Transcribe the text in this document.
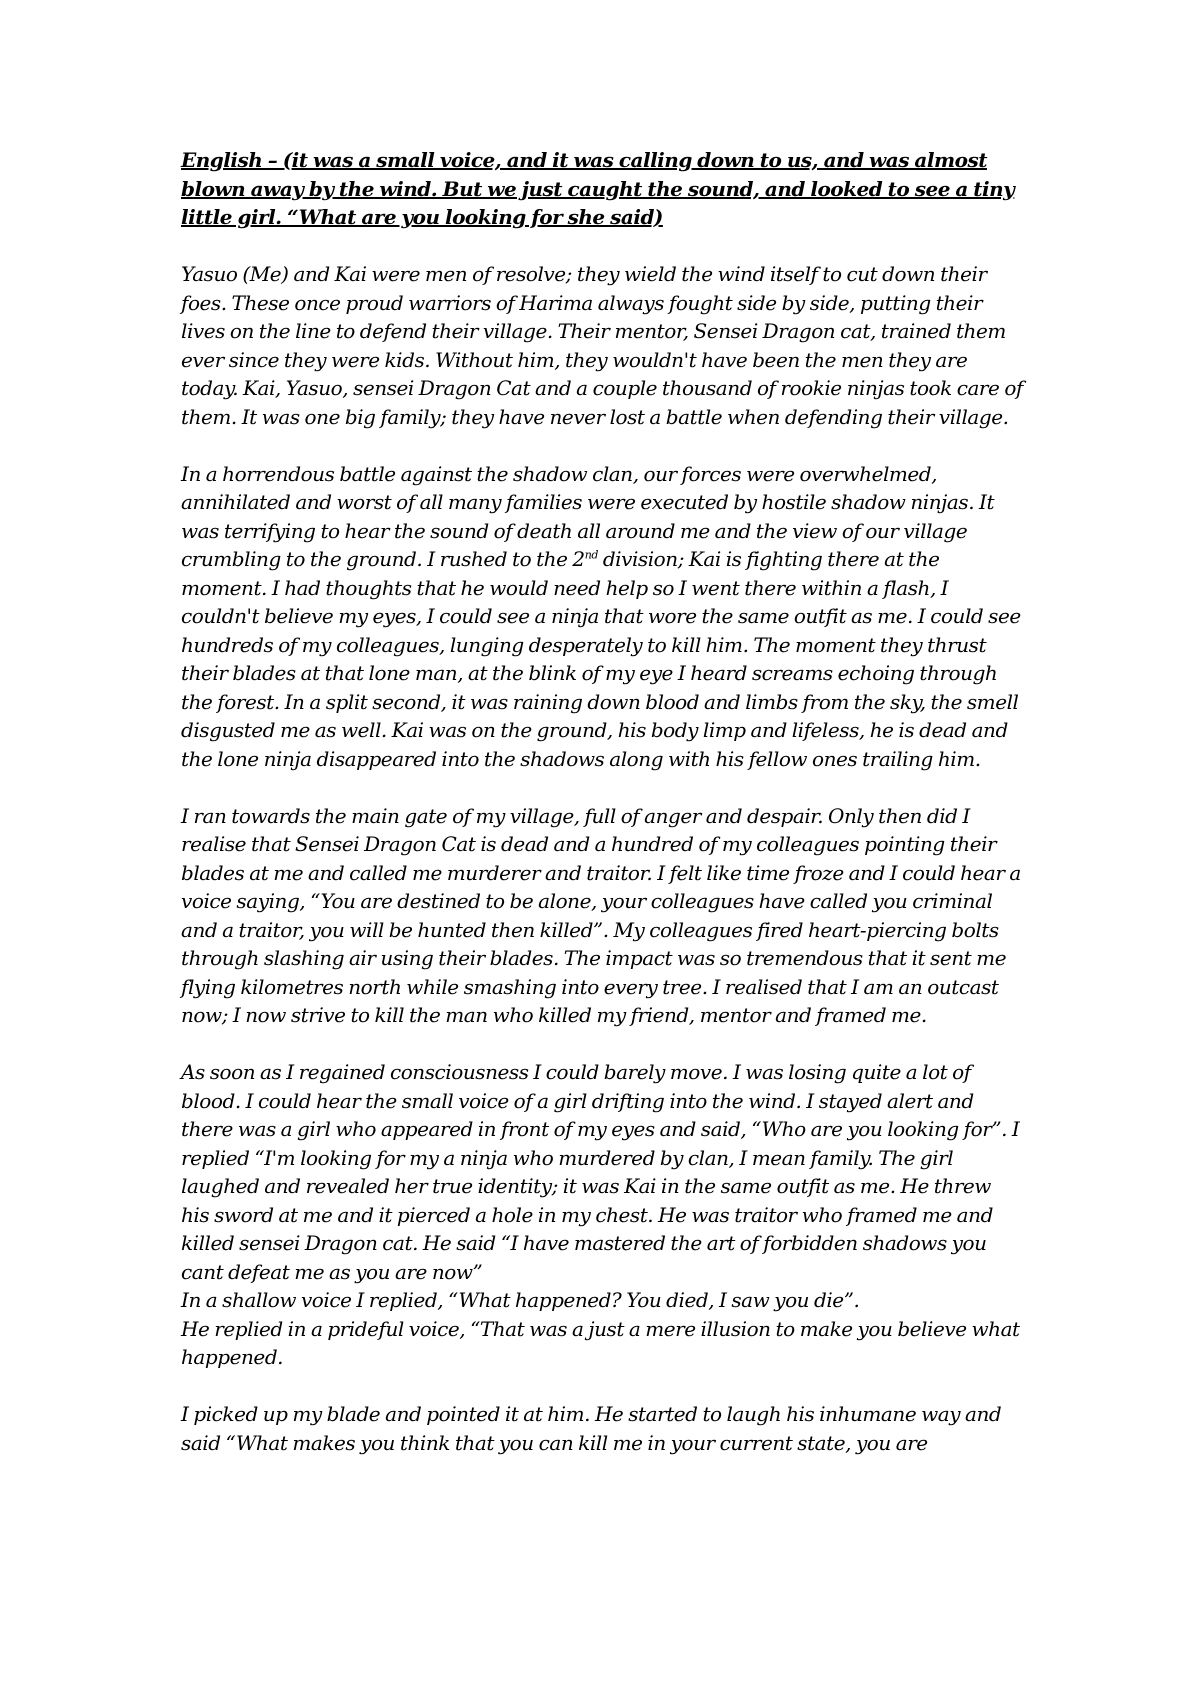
English – (it was a small voice, and it was calling down to us, and was almost blown away by the wind. But we just caught the sound, and looked to see a tiny little girl. “What are you looking for she said)

Yasuo (Me) and Kai were men of resolve; they wield the wind itself to cut down their foes. These once proud warriors of Harima always fought side by side, putting their lives on the line to defend their village. Their mentor, Sensei Dragon cat, trained them ever since they were kids. Without him, they wouldn't have been the men they are today. Kai, Yasuo, sensei Dragon Cat and a couple thousand of rookie ninjas took care of them. It was one big family; they have never lost a battle when defending their village.

In a horrendous battle against the shadow clan, our forces were overwhelmed, annihilated and worst of all many families were executed by hostile shadow ninjas. It was terrifying to hear the sound of death all around me and the view of our village crumbling to the ground. I rushed to the 2nd division; Kai is fighting there at the moment. I had thoughts that he would need help so I went there within a flash, I couldn't believe my eyes, I could see a ninja that wore the same outfit as me. I could see hundreds of my colleagues, lunging desperately to kill him. The moment they thrust their blades at that lone man, at the blink of my eye I heard screams echoing through the forest. In a split second, it was raining down blood and limbs from the sky, the smell disgusted me as well. Kai was on the ground, his body limp and lifeless, he is dead and the lone ninja disappeared into the shadows along with his fellow ones trailing him.

I ran towards the main gate of my village, full of anger and despair. Only then did I realise that Sensei Dragon Cat is dead and a hundred of my colleagues pointing their blades at me and called me murderer and traitor. I felt like time froze and I could hear a voice saying, “You are destined to be alone, your colleagues have called you criminal and a traitor, you will be hunted then killed”. My colleagues fired heart-piercing bolts through slashing air using their blades. The impact was so tremendous that it sent me flying kilometres north while smashing into every tree. I realised that I am an outcast now; I now strive to kill the man who killed my friend, mentor and framed me.

As soon as I regained consciousness I could barely move. I was losing quite a lot of blood. I could hear the small voice of a girl drifting into the wind. I stayed alert and there was a girl who appeared in front of my eyes and said, “Who are you looking for”. I replied “I'm looking for my a ninja who murdered by clan, I mean family. The girl laughed and revealed her true identity; it was Kai in the same outfit as me. He threw his sword at me and it pierced a hole in my chest. He was traitor who framed me and killed sensei Dragon cat. He said “I have mastered the art of forbidden shadows you cant defeat me as you are now”

In a shallow voice I replied, “What happened? You died, I saw you die”.

He replied in a prideful voice, “That was a just a mere illusion to make you believe what happened.

I picked up my blade and pointed it at him. He started to laugh his inhumane way and said “What makes you think that you can kill me in your current state, you are
